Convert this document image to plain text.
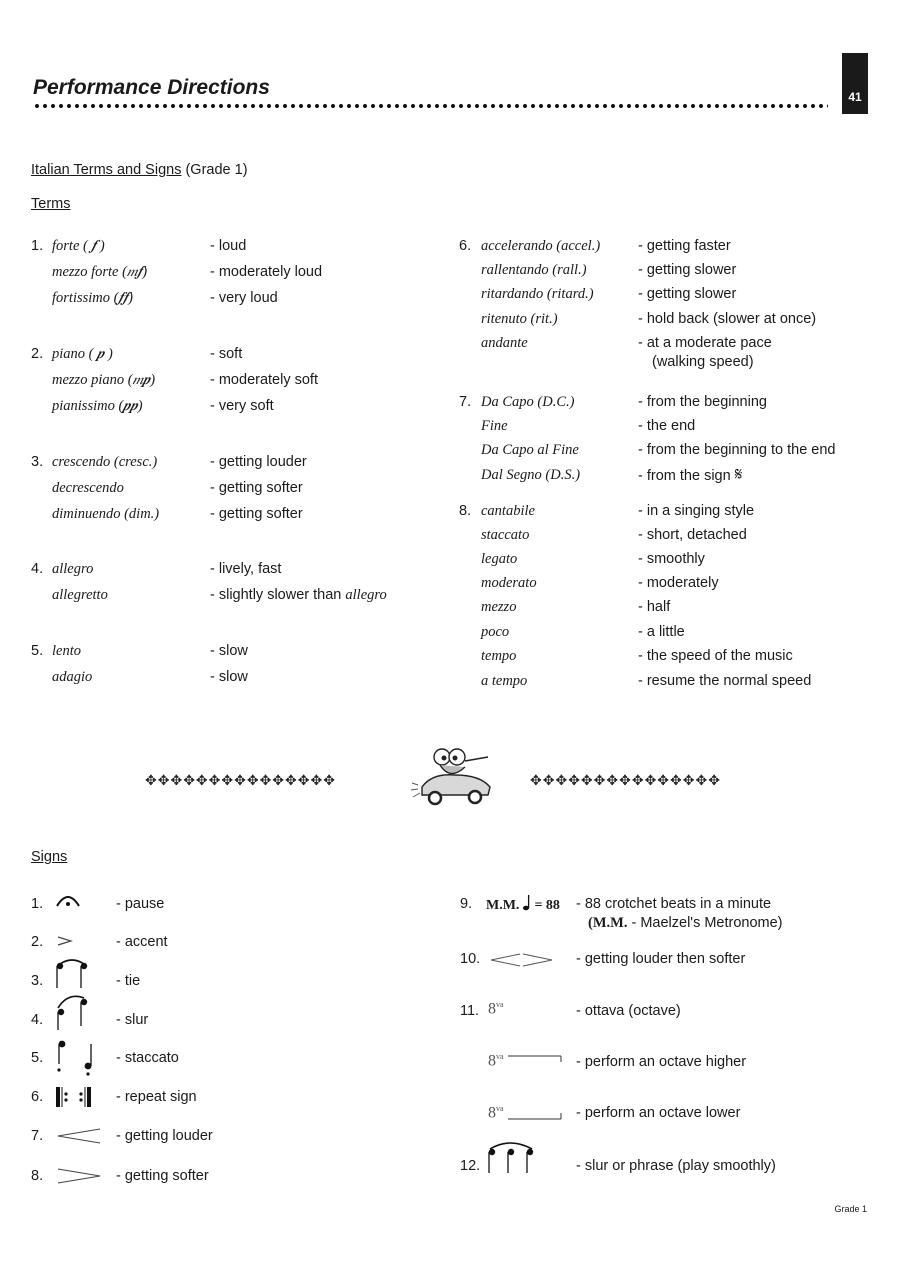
Performance Directions	41
Italian Terms and Signs (Grade 1)
Terms
1. forte ( 𝆑 )	- loud
mezzo forte (𝆐𝆑)	- moderately loud
fortissimo (𝆑𝆑)	- very loud
2. piano ( 𝆏 )	- soft
mezzo piano (𝆐𝆏)	- moderately soft
pianissimo (𝆏𝆏)	- very soft
3. crescendo (cresc.)	- getting louder
decrescendo	- getting softer
diminuendo (dim.)	- getting softer
4. allegro	- lively, fast
allegretto	- slightly slower than allegro
5. lento	- slow
adagio	- slow
6. accelerando (accel.)	- getting faster
rallentando (rall.)	- getting slower
ritardando (ritard.)	- getting slower
ritenuto (rit.)	- hold back (slower at once)
andante	- at a moderate pace
(walking speed)
7. Da Capo (D.C.)	- from the beginning
Fine	- the end
Da Capo al Fine	- from the beginning to the end
Dal Segno (D.S.)	- from the sign 𝄋
8. cantabile	- in a singing style
staccato	- short, detached
legato	- smoothly
moderato	- moderately
mezzo	- half
poco	- a little
tempo	- the speed of the music
a tempo	- resume the normal speed
✥✥✥✥✥✥✥✥✥✥✥✥✥✥✥	✥✥✥✥✥✥✥✥✥✥✥✥✥✥✥
Signs
1.	- pause
2.	- accent
3.	- tie
4.	- slur
5.	- staccato
6.	- repeat sign
7.	- getting louder
8.	- getting softer
9. M.M. = 88 - 88 crotchet beats in a minute
(M.M. - Maelzel's Metronome)
10.	- getting louder then softer
11. $8^{va}$	- ottava (octave)
$8^{va}$	- perform an octave higher
$8^{va}$	- perform an octave lower
12.	- slur or phrase (play smoothly)
Grade 1
